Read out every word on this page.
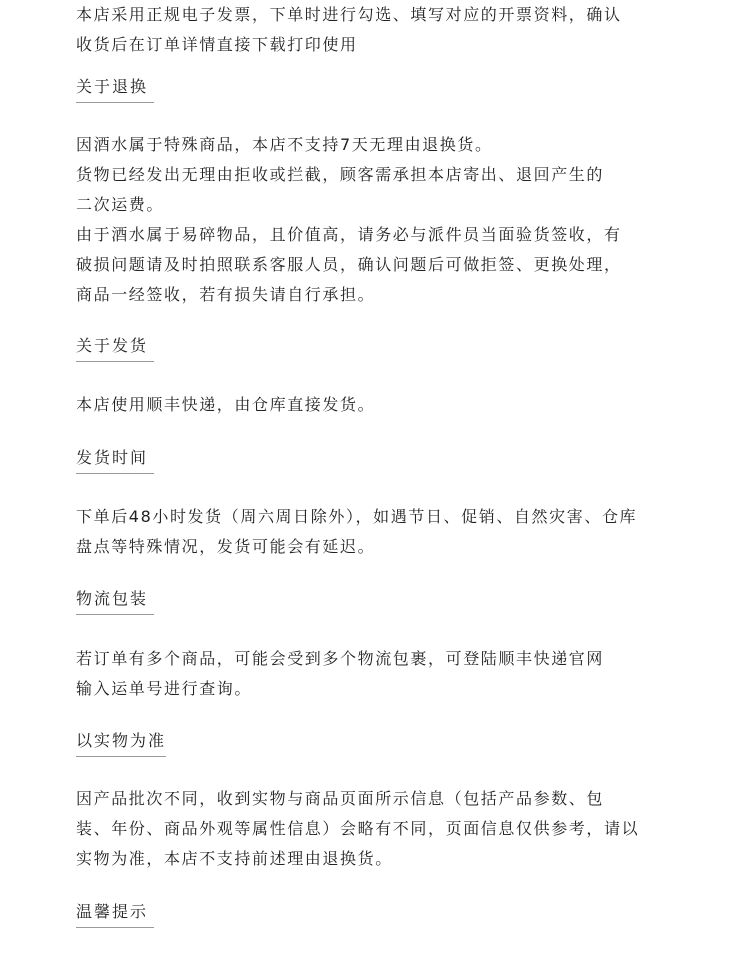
本店采用正规电子发票，下单时进行勾选、填写对应的开票资料，确认
收货后在订单详情直接下载打印使用

关于退换

因酒水属于特殊商品，本店不支持7天无理由退换货。
货物已经发出无理由拒收或拦截，顾客需承担本店寄出、退回产生的
二次运费。
由于酒水属于易碎物品，且价值高，请务必与派件员当面验货签收，有
破损问题请及时拍照联系客服人员，确认问题后可做拒签、更换处理，
商品一经签收，若有损失请自行承担。

关于发货

本店使用顺丰快递，由仓库直接发货。

发货时间

下单后48小时发货（周六周日除外），如遇节日、促销、自然灾害、仓库
盘点等特殊情况，发货可能会有延迟。

物流包装

若订单有多个商品，可能会受到多个物流包裹，可登陆顺丰快递官网
输入运单号进行查询。

以实物为准

因产品批次不同，收到实物与商品页面所示信息（包括产品参数、包
装、年份、商品外观等属性信息）会略有不同，页面信息仅供参考，请以
实物为准，本店不支持前述理由退换货。

温馨提示
